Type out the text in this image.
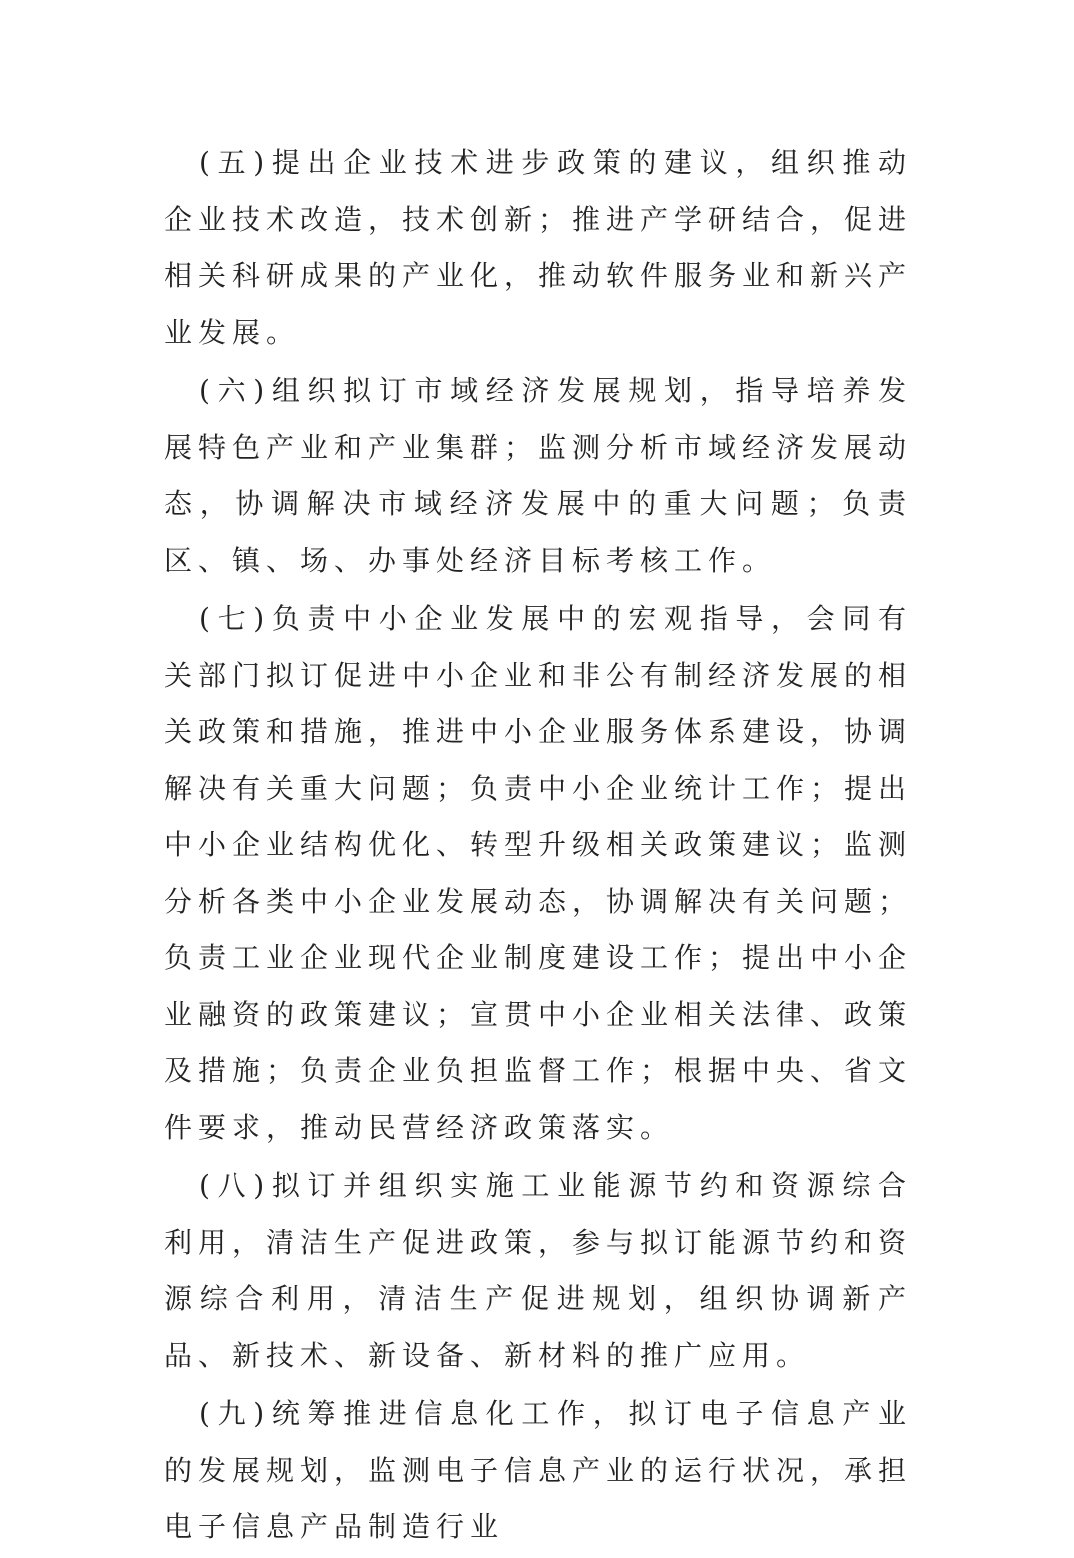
(五)提出企业技术进步政策的建议，组织推动企业技术改造，技术创新；推进产学研结合，促进相关科研成果的产业化，推动软件服务业和新兴产业发展。

(六)组织拟订市域经济发展规划，指导培养发展特色产业和产业集群；监测分析市域经济发展动态，协调解决市域经济发展中的重大问题；负责区、镇、场、办事处经济目标考核工作。

(七)负责中小企业发展中的宏观指导，会同有关部门拟订促进中小企业和非公有制经济发展的相关政策和措施，推进中小企业服务体系建设，协调解决有关重大问题；负责中小企业统计工作；提出中小企业结构优化、转型升级相关政策建议；监测分析各类中小企业发展动态，协调解决有关问题；负责工业企业现代企业制度建设工作；提出中小企业融资的政策建议；宣贯中小企业相关法律、政策及措施；负责企业负担监督工作；根据中央、省文件要求，推动民营经济政策落实。

(八)拟订并组织实施工业能源节约和资源综合利用，清洁生产促进政策，参与拟订能源节约和资源综合利用，清洁生产促进规划，组织协调新产品、新技术、新设备、新材料的推广应用。

(九)统筹推进信息化工作，拟订电子信息产业的发展规划，监测电子信息产业的运行状况，承担电子信息产品制造行业
